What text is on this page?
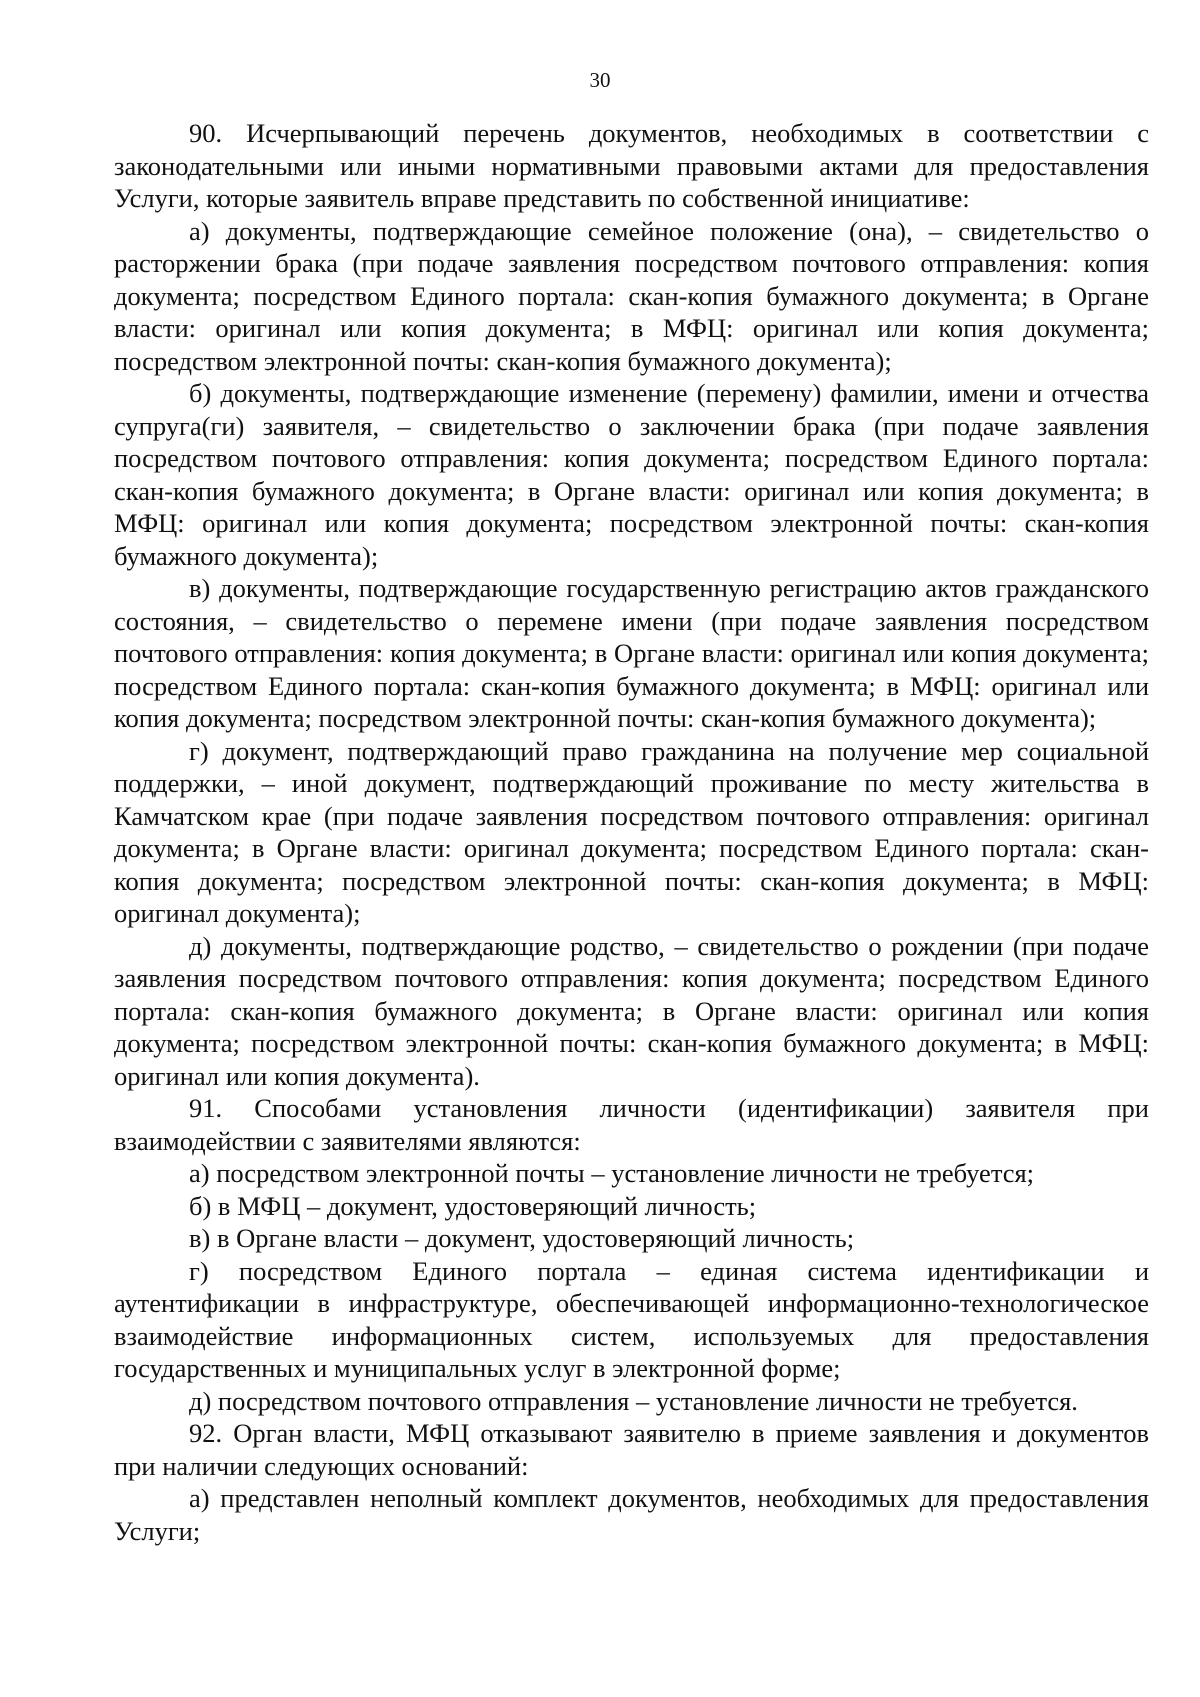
30

90. Исчерпывающий перечень документов, необходимых в соответствии с законодательными или иными нормативными правовыми актами для предоставления Услуги, которые заявитель вправе представить по собственной инициативе:

а) документы, подтверждающие семейное положение (она), – свидетельство о расторжении брака (при подаче заявления посредством почтового отправления: копия документа; посредством Единого портала: скан-копия бумажного документа; в Органе власти: оригинал или копия документа; в МФЦ: оригинал или копия документа; посредством электронной почты: скан-копия бумажного документа);

б) документы, подтверждающие изменение (перемену) фамилии, имени и отчества супруга(ги) заявителя, – свидетельство о заключении брака (при подаче заявления посредством почтового отправления: копия документа; посредством Единого портала: скан-копия бумажного документа; в Органе власти: оригинал или копия документа; в МФЦ: оригинал или копия документа; посредством электронной почты: скан-копия бумажного документа);

в) документы, подтверждающие государственную регистрацию актов гражданского состояния, – свидетельство о перемене имени (при подаче заявления посредством почтового отправления: копия документа; в Органе власти: оригинал или копия документа; посредством Единого портала: скан-копия бумажного документа; в МФЦ: оригинал или копия документа; посредством электронной почты: скан-копия бумажного документа);

г) документ, подтверждающий право гражданина на получение мер социальной поддержки, – иной документ, подтверждающий проживание по месту жительства в Камчатском крае (при подаче заявления посредством почтового отправления: оригинал документа; в Органе власти: оригинал документа; посредством Единого портала: скан-копия документа; посредством электронной почты: скан-копия документа; в МФЦ: оригинал документа);

д) документы, подтверждающие родство, – свидетельство о рождении (при подаче заявления посредством почтового отправления: копия документа; посредством Единого портала: скан-копия бумажного документа; в Органе власти: оригинал или копия документа; посредством электронной почты: скан-копия бумажного документа; в МФЦ: оригинал или копия документа).

91. Способами установления личности (идентификации) заявителя при взаимодействии с заявителями являются:

а) посредством электронной почты – установление личности не требуется;

б) в МФЦ – документ, удостоверяющий личность;

в) в Органе власти – документ, удостоверяющий личность;

г) посредством Единого портала – единая система идентификации и аутентификации в инфраструктуре, обеспечивающей информационно-технологическое взаимодействие информационных систем, используемых для предоставления государственных и муниципальных услуг в электронной форме;

д) посредством почтового отправления – установление личности не требуется.

92. Орган власти, МФЦ отказывают заявителю в приеме заявления и документов при наличии следующих оснований:

а) представлен неполный комплект документов, необходимых для предоставления Услуги;
